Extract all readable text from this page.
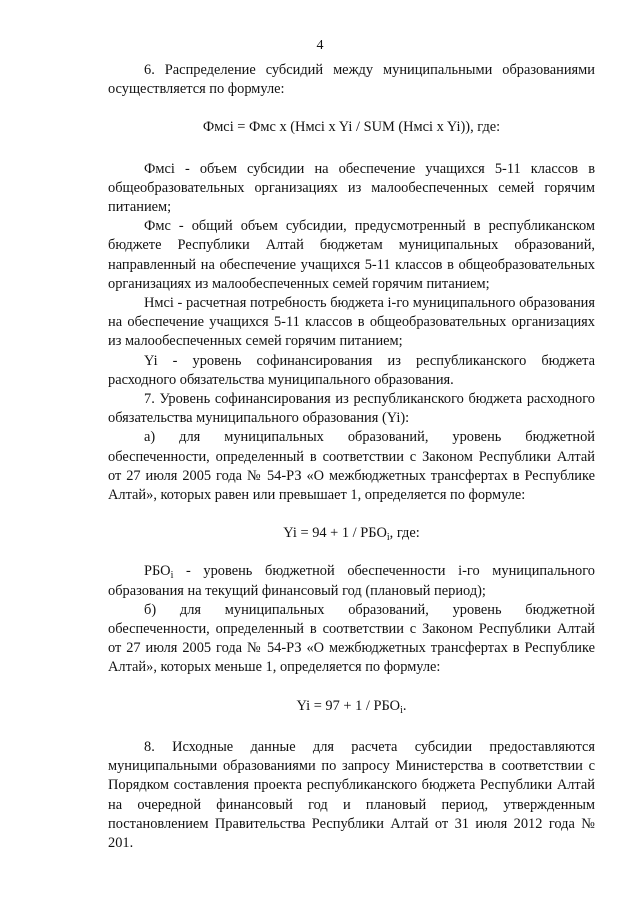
4

6. Распределение субсидий между муниципальными образованиями осуществляется по формуле:

Фмсi = Фмс х (Нмсi x Yi / SUM (Нмсi x Yi)), где:

Фмсi - объем субсидии на обеспечение учащихся 5-11 классов в общеобразовательных организациях из малообеспеченных семей горячим питанием;

Фмс - общий объем субсидии, предусмотренный в республиканском бюджете Республики Алтай бюджетам муниципальных образований, направленный на обеспечение учащихся 5-11 классов в общеобразовательных организациях из малообеспеченных семей горячим питанием;

Нмсi - расчетная потребность бюджета i-го муниципального образования на обеспечение учащихся 5-11 классов в общеобразовательных организациях из малообеспеченных семей горячим питанием;

Yi - уровень софинансирования из республиканского бюджета расходного обязательства муниципального образования.

7. Уровень софинансирования из республиканского бюджета расходного обязательства муниципального образования (Yi):

а) для муниципальных образований, уровень бюджетной обеспеченности, определенный в соответствии с Законом Республики Алтай от 27 июля 2005 года № 54-РЗ «О межбюджетных трансфертах в Республике Алтай», которых равен или превышает 1, определяется по формуле:

$Yi = 94 + 1 / РБО_i$, где:

$РБО_i$ - уровень бюджетной обеспеченности i-го муниципального образования на текущий финансовый год (плановый период);

б) для муниципальных образований, уровень бюджетной обеспеченности, определенный в соответствии с Законом Республики Алтай от 27 июля 2005 года № 54-РЗ «О межбюджетных трансфертах в Республике Алтай», которых меньше 1, определяется по формуле:

$Yi = 97 + 1 / РБО_i$.

8. Исходные данные для расчета субсидии предоставляются муниципальными образованиями по запросу Министерства в соответствии с Порядком составления проекта республиканского бюджета Республики Алтай на очередной финансовый год и плановый период, утвержденным постановлением Правительства Республики Алтай от 31 июля 2012 года № 201.
